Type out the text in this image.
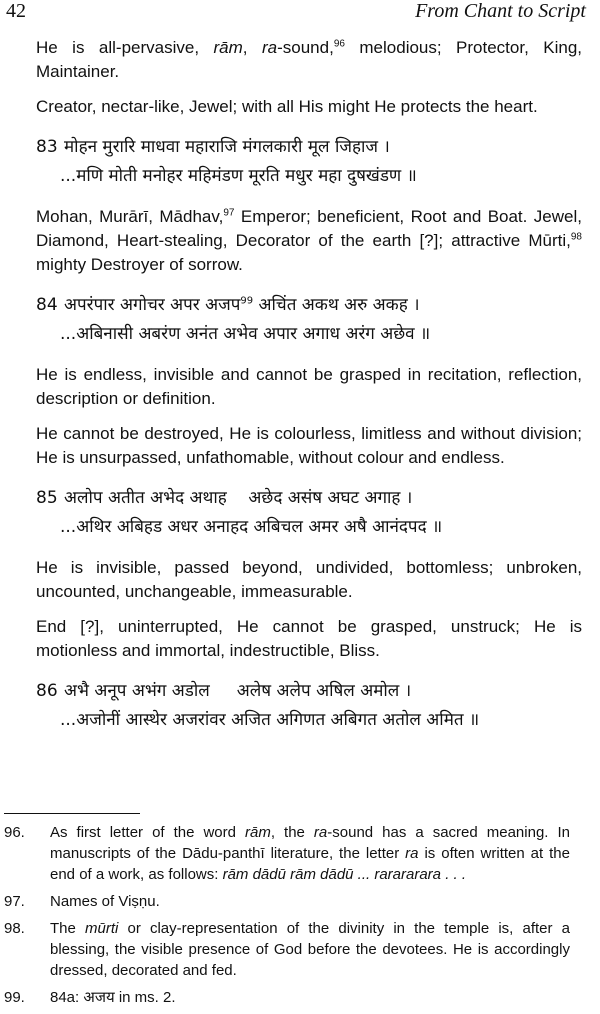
42	From Chant to Script

He is all-pervasive, rām, ra-sound,$^{96}$ melodious; Protector, King, Maintainer.

Creator, nectar-like, Jewel; with all His might He protects the heart.

83 मोहन मुरारि माधवा महाराजि मंगलकारी मूल जिहाज ।
...मणि मोती मनोहर महिमंडण मूरति मधुर महा दुषखंडण ॥

Mohan, Murārī, Mādhav,$^{97}$ Emperor; beneficient, Root and Boat. Jewel, Diamond, Heart-stealing, Decorator of the earth [?]; attractive Mūrti,$^{98}$ mighty Destroyer of sorrow.

84 अपरंपार अगोचर अपर अजप$^{99}$ अचिंत अकथ अरु अकह ।
...अबिनासी अबरंण अनंत अभेव अपार अगाध अरंग अछेव ॥

He is endless, invisible and cannot be grasped in recitation, reflection, description or definition.

He cannot be destroyed, He is colourless, limitless and without division; He is unsurpassed, unfathomable, without colour and endless.

85 अलोप अतीत अभेद अथाह    अछेद असंष अघट अगाह ।
...अथिर अबिहड अधर अनाहद अबिचल अमर अषै आनंदपद ॥

He is invisible, passed beyond, undivided, bottomless; unbroken, uncounted, unchangeable, immeasurable.

End [?], uninterrupted, He cannot be grasped, unstruck; He is motionless and immortal, indestructible, Bliss.

86 अभै अनूप अभंग अडोल     अलेष अलेप अषिल अमोल ।
...अजोनीं आस्थेर अजरांवर अजित अगिणत अबिगत अतोल अमित ॥
96. As first letter of the word rām, the ra-sound has a sacred meaning. In manuscripts of the Dādu-panthī literature, the letter ra is often written at the end of a work, as follows: rām dādū rām dādū ... rarararara . . .
97. Names of Viṣṇu.
98. The mūrti or clay-representation of the divinity in the temple is, after a blessing, the visible presence of God before the devotees. He is accordingly dressed, decorated and fed.
99. 84a: अजय in ms. 2.
